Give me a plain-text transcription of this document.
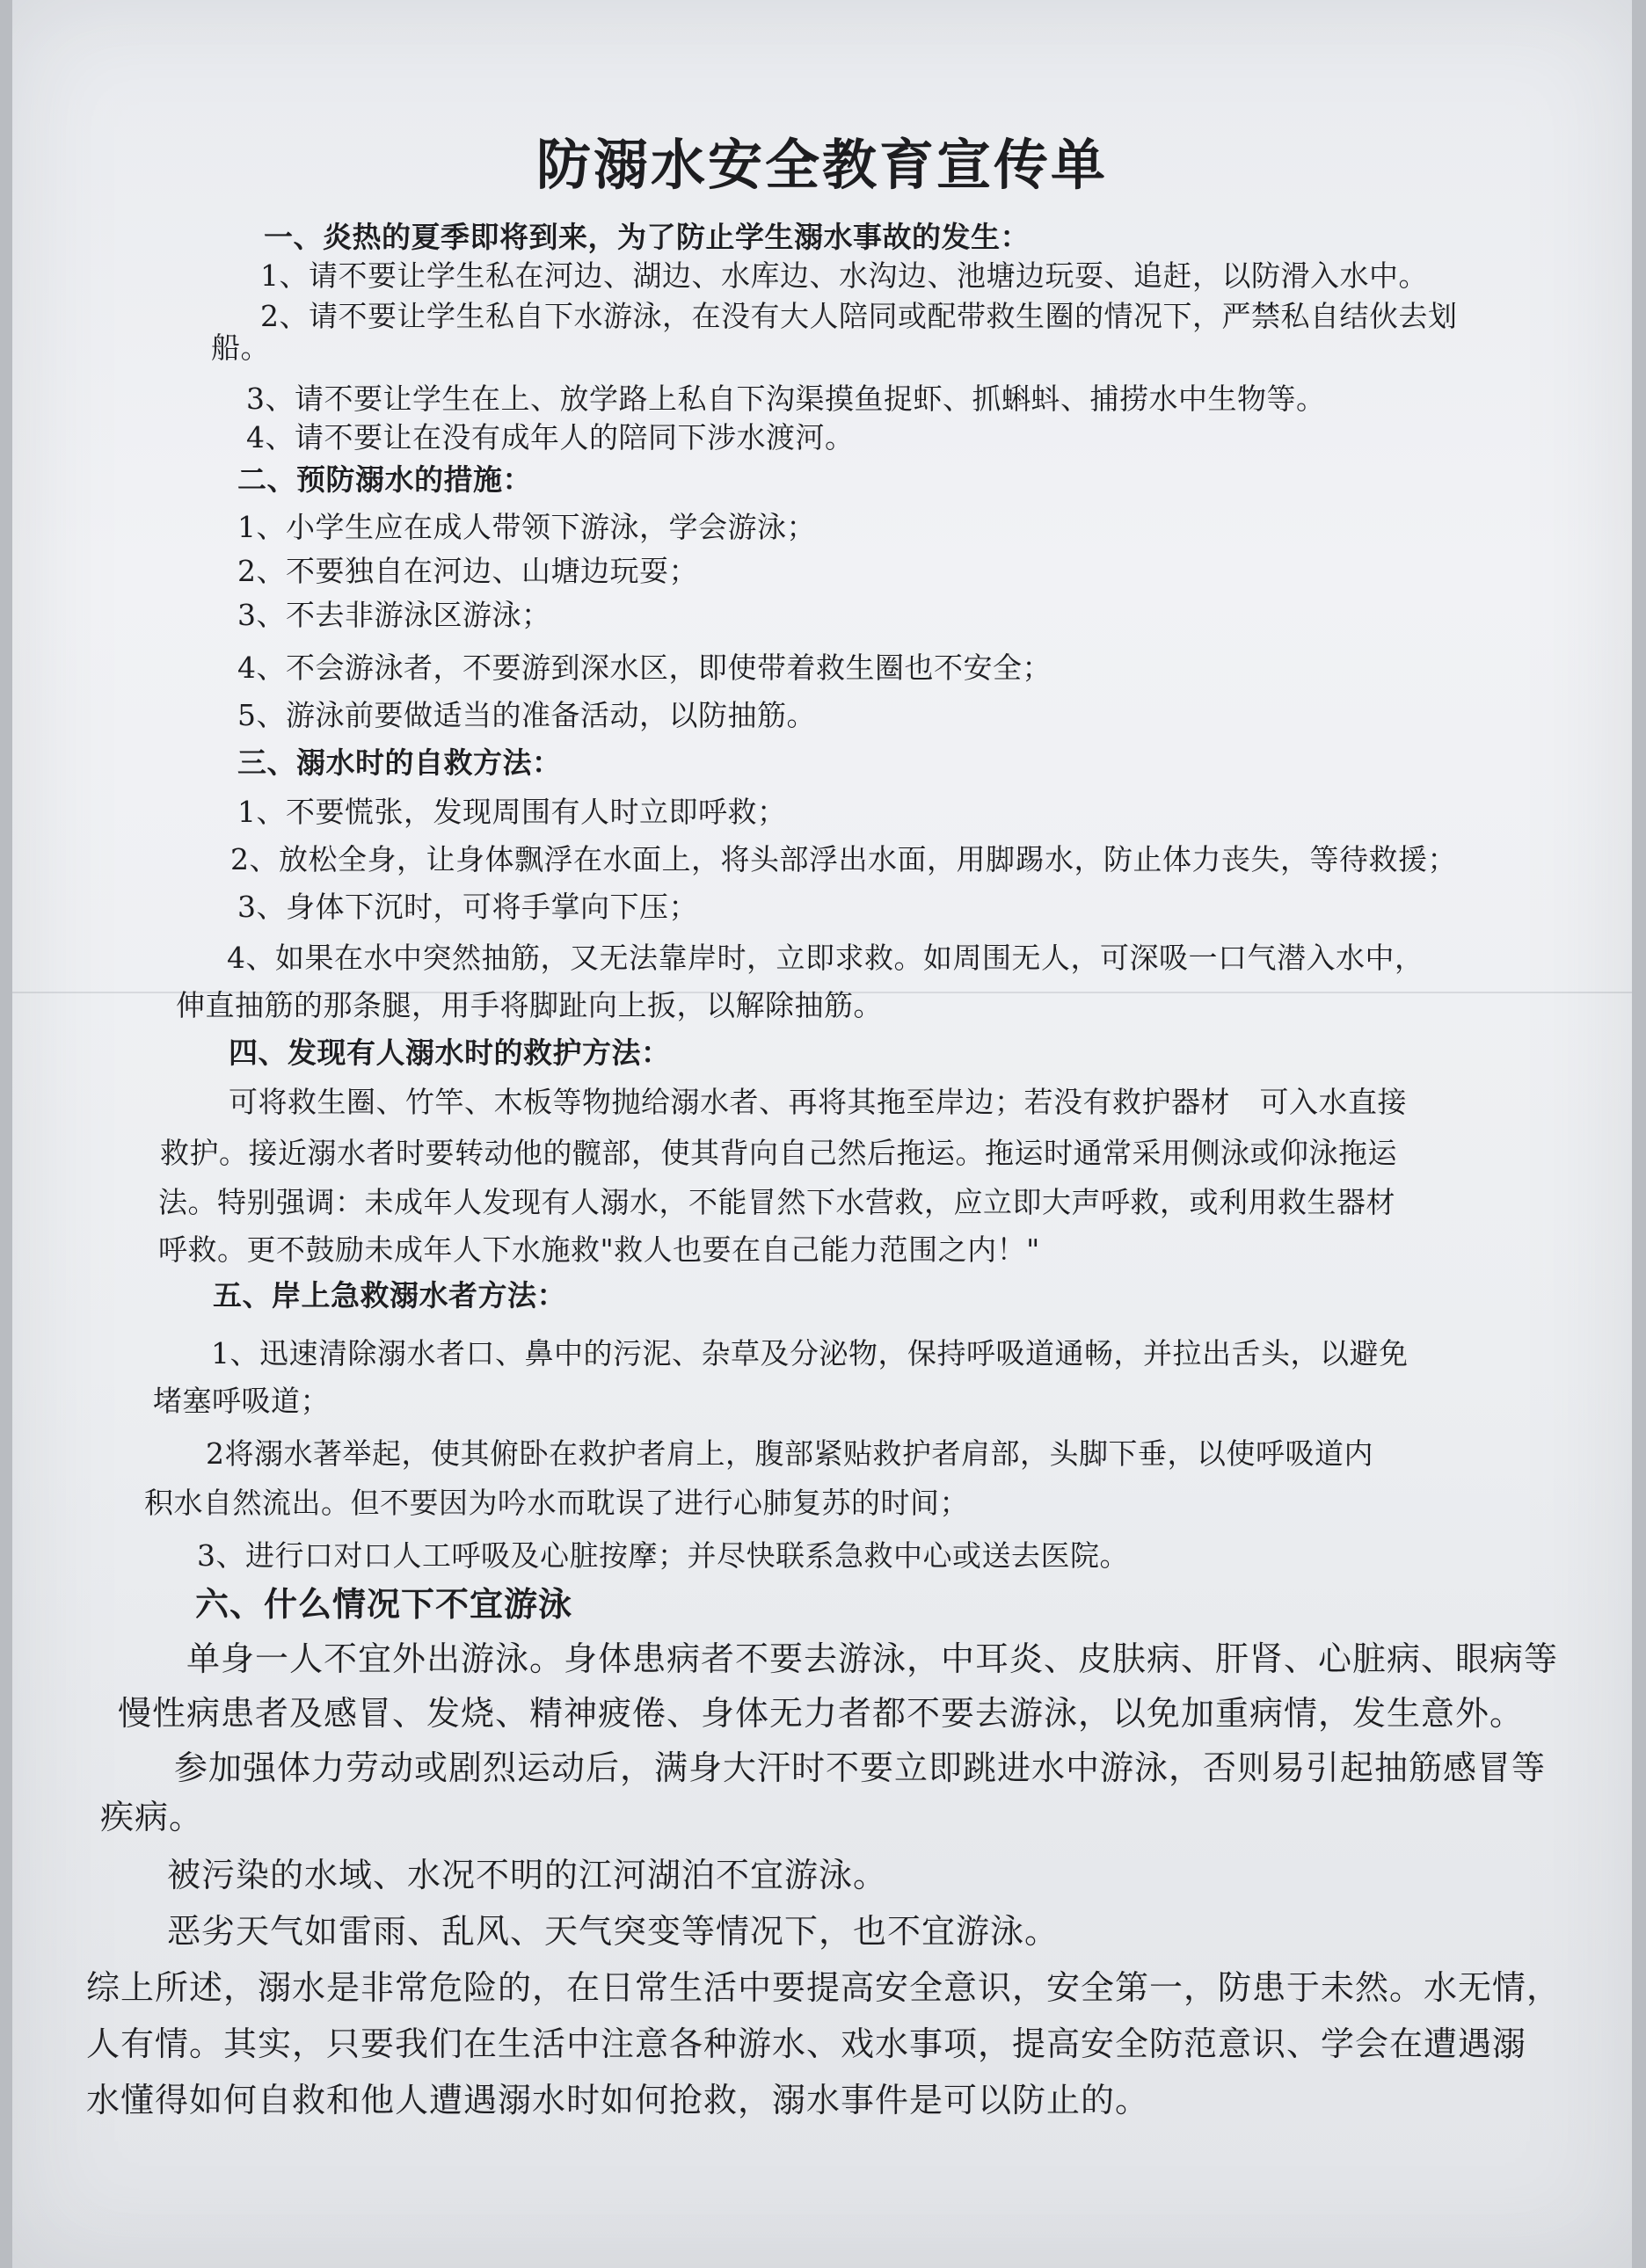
防溺水安全教育宣传单

一、炎热的夏季即将到来，为了防止学生溺水事故的发生：

1、请不要让学生私在河边、湖边、水库边、水沟边、池塘边玩耍、追赶，以防滑入水中。

2、请不要让学生私自下水游泳，在没有大人陪同或配带救生圈的情况下，严禁私自结伙去划

船。

3、请不要让学生在上、放学路上私自下沟渠摸鱼捉虾、抓蝌蚪、捕捞水中生物等。

4、请不要让在没有成年人的陪同下涉水渡河。

二、预防溺水的措施：

1、小学生应在成人带领下游泳，学会游泳；

2、不要独自在河边、山塘边玩耍；

3、不去非游泳区游泳；

4、不会游泳者，不要游到深水区，即使带着救生圈也不安全；

5、游泳前要做适当的准备活动，以防抽筋。

三、溺水时的自救方法：

1、不要慌张，发现周围有人时立即呼救；

2、放松全身，让身体飘浮在水面上，将头部浮出水面，用脚踢水，防止体力丧失，等待救援；

3、身体下沉时，可将手掌向下压；

4、如果在水中突然抽筋，又无法靠岸时，立即求救。如周围无人，可深吸一口气潜入水中，

伸直抽筋的那条腿，用手将脚趾向上扳，以解除抽筋。

四、发现有人溺水时的救护方法：

可将救生圈、竹竿、木板等物抛给溺水者、再将其拖至岸边；若没有救护器材　可入水直接

救护。接近溺水者时要转动他的髋部，使其背向自己然后拖运。拖运时通常采用侧泳或仰泳拖运

法。特别强调：未成年人发现有人溺水，不能冒然下水营救，应立即大声呼救，或利用救生器材

呼救。更不鼓励未成年人下水施救"救人也要在自己能力范围之内！"

五、岸上急救溺水者方法：

1、迅速清除溺水者口、鼻中的污泥、杂草及分泌物，保持呼吸道通畅，并拉出舌头，以避免

堵塞呼吸道；

2将溺水著举起，使其俯卧在救护者肩上，腹部紧贴救护者肩部，头脚下垂，以使呼吸道内

积水自然流出。但不要因为吟水而耽误了进行心肺复苏的时间；

3、进行口对口人工呼吸及心脏按摩；并尽快联系急救中心或送去医院。

六、什么情况下不宜游泳

单身一人不宜外出游泳。身体患病者不要去游泳，中耳炎、皮肤病、肝肾、心脏病、眼病等

慢性病患者及感冒、发烧、精神疲倦、身体无力者都不要去游泳，以免加重病情，发生意外。

参加强体力劳动或剧烈运动后，满身大汗时不要立即跳进水中游泳，否则易引起抽筋感冒等

疾病。

被污染的水域、水况不明的江河湖泊不宜游泳。

恶劣天气如雷雨、乱风、天气突变等情况下，也不宜游泳。

综上所述，溺水是非常危险的，在日常生活中要提高安全意识，安全第一，防患于未然。水无情，

人有情。其实，只要我们在生活中注意各种游水、戏水事项，提高安全防范意识、学会在遭遇溺

水懂得如何自救和他人遭遇溺水时如何抢救，溺水事件是可以防止的。
